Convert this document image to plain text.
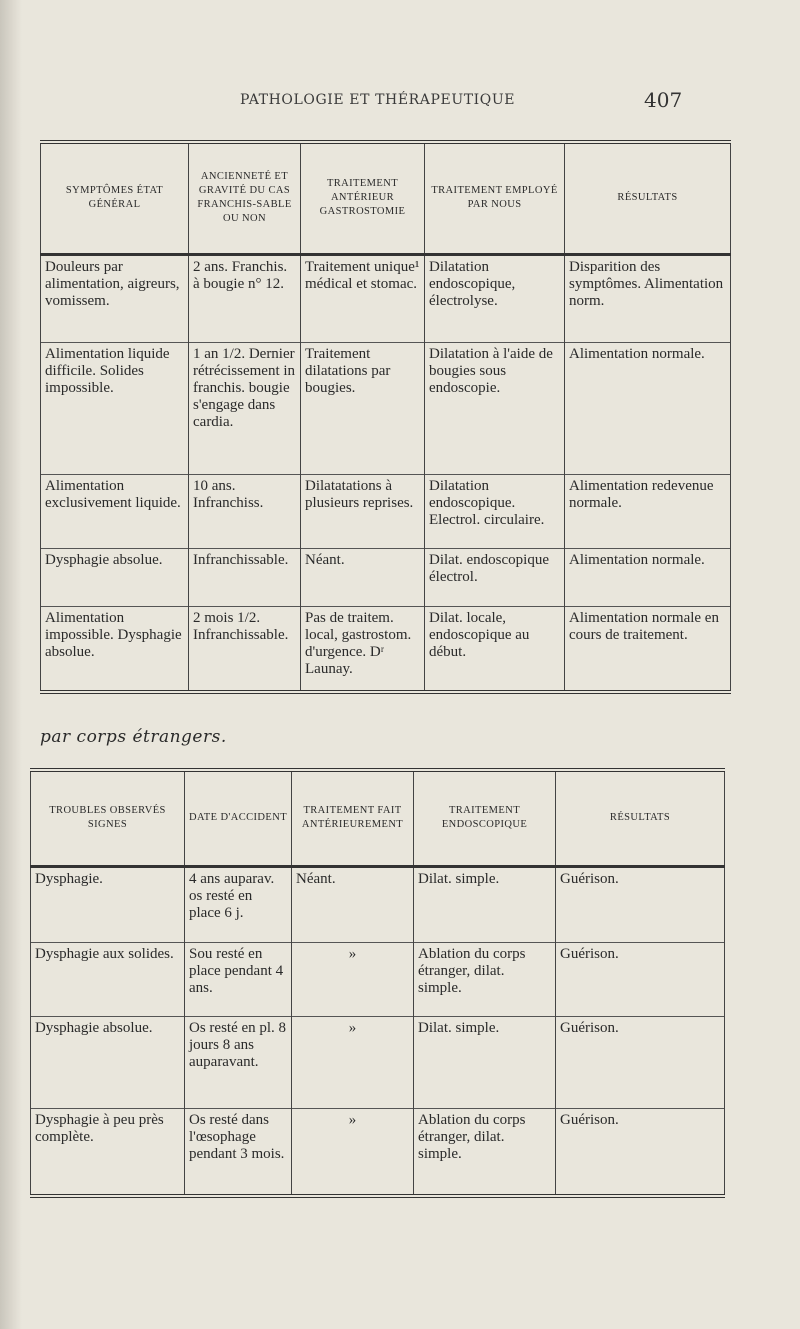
PATHOLOGIE ET THÉRAPEUTIQUE	407
SYMPTÔMES ÉTAT GÉNÉRAL	ANCIENNETÉ ET GRAVITÉ DU CAS FRANCHIS-SABLE OU NON	TRAITEMENT ANTÉRIEUR GASTROSTOMIE	TRAITEMENT EMPLOYÉ PAR NOUS	RÉSULTATS
Douleurs par alimentation, aigreurs, vomissem.	2 ans. Franchis. à bougie n° 12.	Traitement unique¹ médical et stomac.	Dilatation endoscopique, électrolyse.	Disparition des symptômes. Alimentation norm.
Alimentation liquide difficile. Solides impossible.	1 an 1/2. Dernier rétrécissement in franchis. bougie s'engage dans cardia.	Traitement dilatations par bougies.	Dilatation à l'aide de bougies sous endoscopie.	Alimentation normale.
Alimentation exclusivement liquide.	10 ans. Infranchiss.	Dilatatations à plusieurs reprises.	Dilatation endoscopique. Electrol. circulaire.	Alimentation redevenue normale.
Dysphagie absolue.	Infranchissable.	Néant.	Dilat. endoscopique électrol.	Alimentation normale.
Alimentation impossible. Dysphagie absolue.	2 mois 1/2. Infranchissable.	Pas de traitem. local, gastrostom. d'urgence. Dʳ Launay.	Dilat. locale, endoscopique au début.	Alimentation normale en cours de traitement.
par corps étrangers.
TROUBLES OBSERVÉS SIGNES	DATE D'ACCIDENT	TRAITEMENT FAIT ANTÉRIEUREMENT	TRAITEMENT ENDOSCOPIQUE	RÉSULTATS
Dysphagie.	4 ans auparav. os resté en place 6 j.	Néant.	Dilat. simple.	Guérison.
Dysphagie aux solides.	Sou resté en place pendant 4 ans.	»	Ablation du corps étranger, dilat. simple.	Guérison.
Dysphagie absolue.	Os resté en pl. 8 jours 8 ans auparavant.	»	Dilat. simple.	Guérison.
Dysphagie à peu près complète.	Os resté dans l'œsophage pendant 3 mois.	»	Ablation du corps étranger, dilat. simple.	Guérison.
